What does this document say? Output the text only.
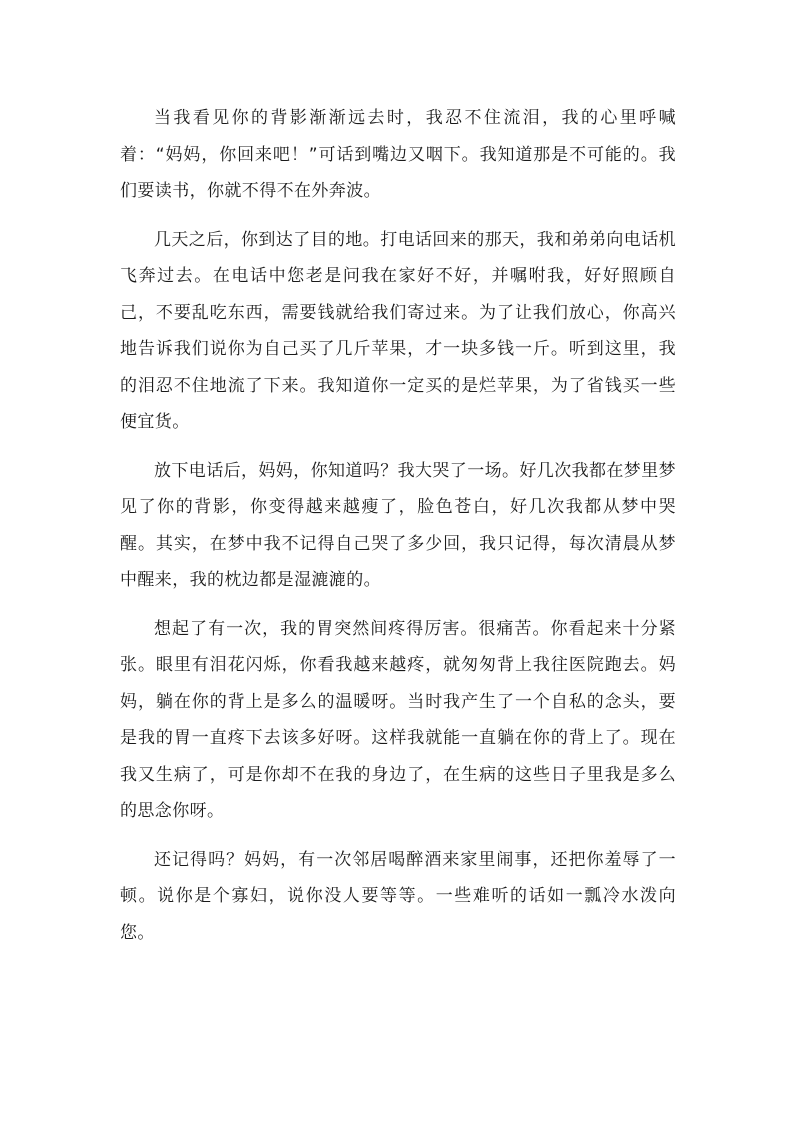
当我看见你的背影渐渐远去时，我忍不住流泪，我的心里呼喊着：“妈妈，你回来吧！”可话到嘴边又咽下。我知道那是不可能的。我们要读书，你就不得不在外奔波。

几天之后，你到达了目的地。打电话回来的那天，我和弟弟向电话机飞奔过去。在电话中您老是问我在家好不好，并嘱咐我，好好照顾自己，不要乱吃东西，需要钱就给我们寄过来。为了让我们放心，你高兴地告诉我们说你为自己买了几斤苹果，才一块多钱一斤。听到这里，我的泪忍不住地流了下来。我知道你一定买的是烂苹果，为了省钱买一些便宜货。

放下电话后，妈妈，你知道吗？我大哭了一场。好几次我都在梦里梦见了你的背影，你变得越来越瘦了，脸色苍白，好几次我都从梦中哭醒。其实，在梦中我不记得自己哭了多少回，我只记得，每次清晨从梦中醒来，我的枕边都是湿漉漉的。

想起了有一次，我的胃突然间疼得厉害。很痛苦。你看起来十分紧张。眼里有泪花闪烁，你看我越来越疼，就匆匆背上我往医院跑去。妈妈，躺在你的背上是多么的温暖呀。当时我产生了一个自私的念头，要是我的胃一直疼下去该多好呀。这样我就能一直躺在你的背上了。现在我又生病了，可是你却不在我的身边了，在生病的这些日子里我是多么的思念你呀。

还记得吗？妈妈，有一次邻居喝醉酒来家里闹事，还把你羞辱了一顿。说你是个寡妇，说你没人要等等。一些难听的话如一瓢冷水泼向您。
